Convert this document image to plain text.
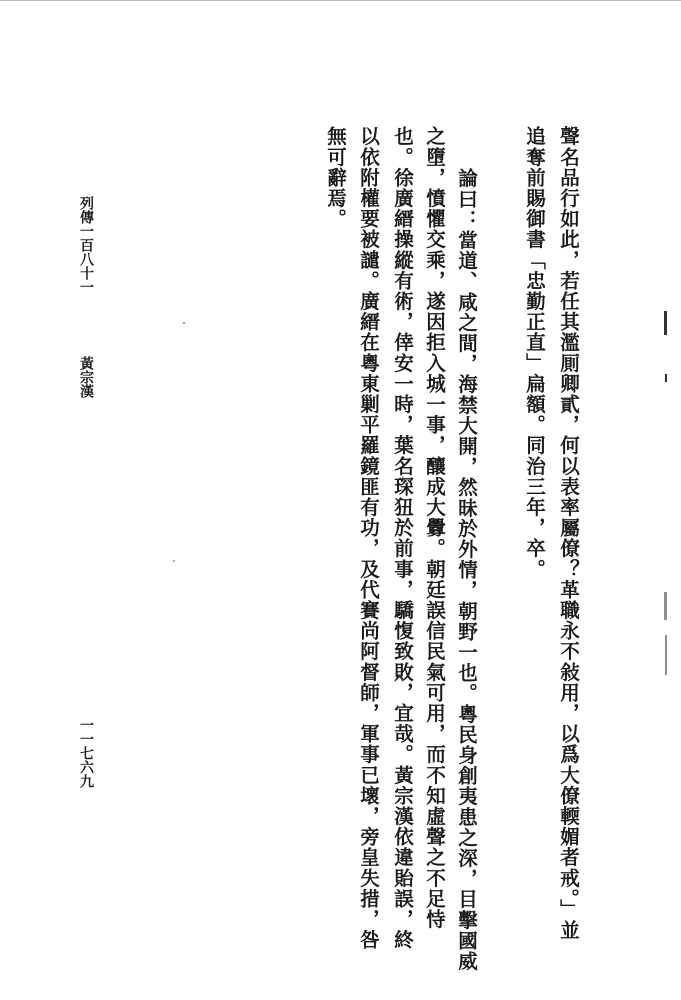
聲名品行如此，若任其濫厠卿貳，何以表率屬僚？革職永不敍用，以爲大僚輭媚者戒。」並
追奪前賜御書「忠勤正直」扁額。同治三年，卒。
論曰：當道、咸之間，海禁大開，然昧於外情，朝野一也。粵民身創夷患之深，目擊國威
之墮，憤懼交乘，遂因拒入城一事，釀成大釁。朝廷誤信民氣可用，而不知虛聲之不足恃
也。徐廣縉操縱有術，倖安一時，葉名琛狃於前事，驕愎致敗，宜哉。黃宗漢依違貽誤，終
以依附權要被譴。廣縉在粵東剿平羅鏡匪有功，及代賽尚阿督師，軍事已壞，旁皇失措，咎
無可辭焉。
列傳一百八十一
黃宗漢
一一七六九
